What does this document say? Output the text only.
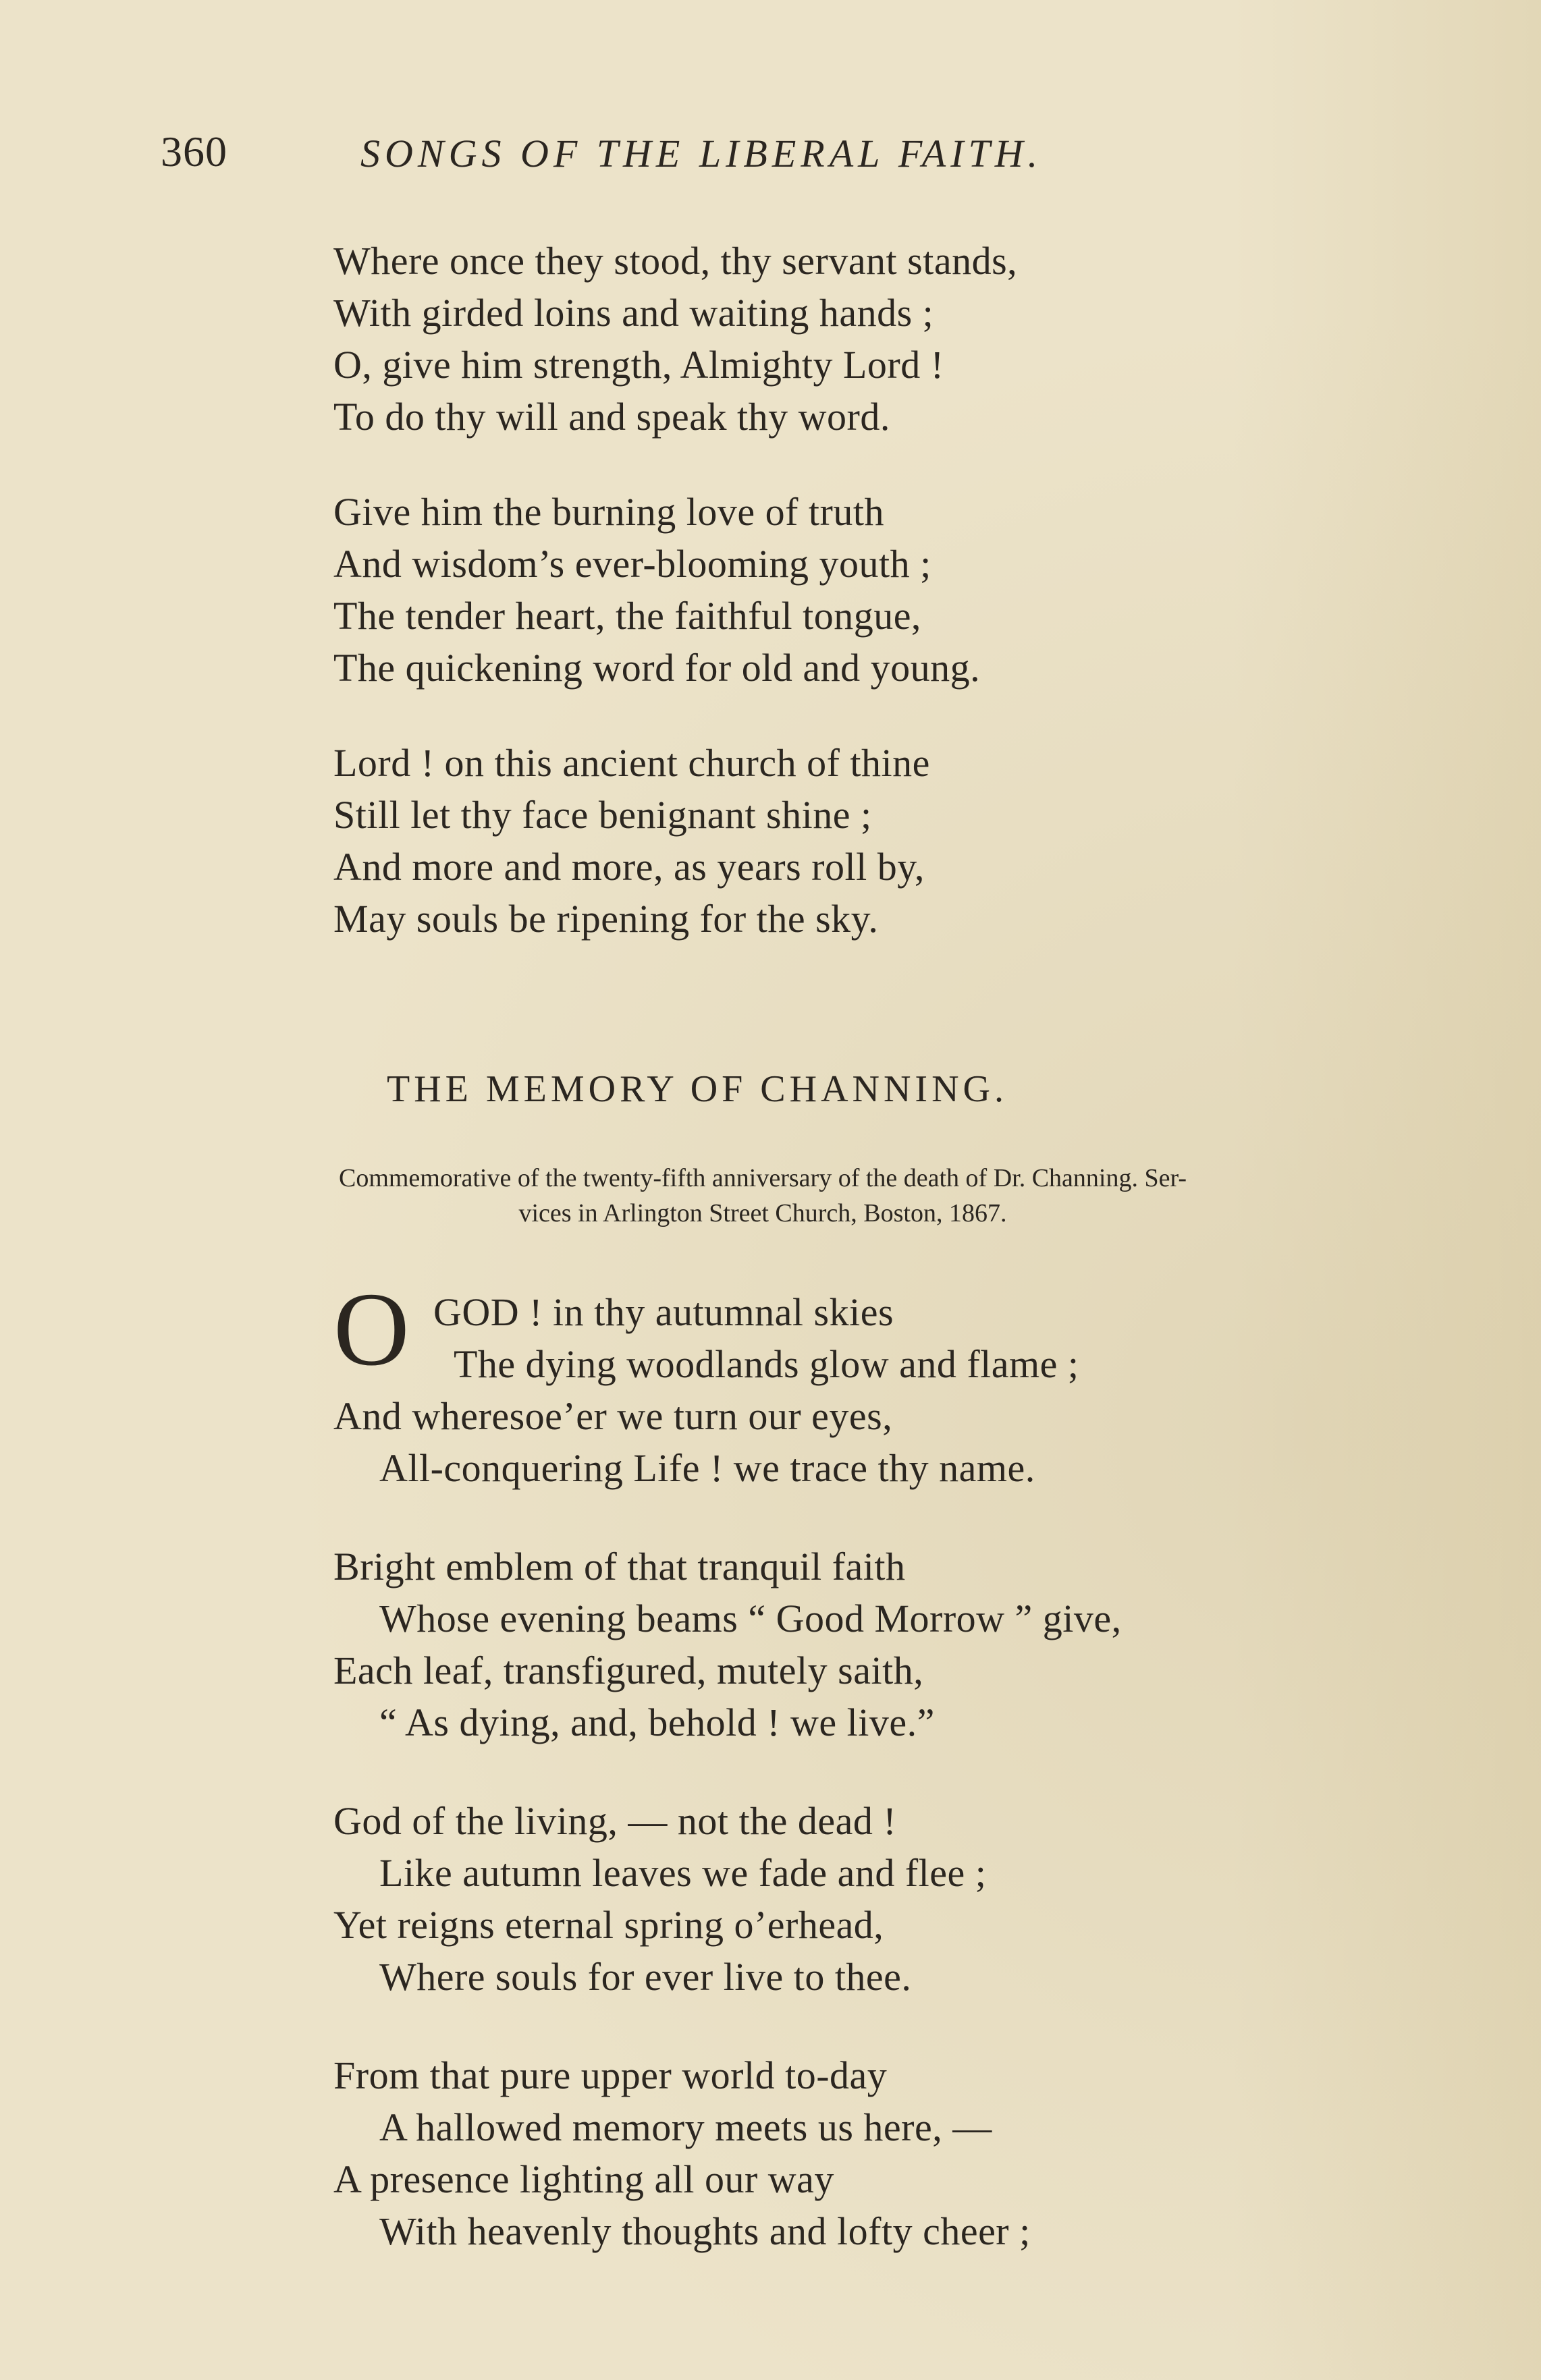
360	SONGS OF THE LIBERAL FAITH.

Where once they stood, thy servant stands,
With girded loins and waiting hands ;
O, give him strength, Almighty Lord !
To do thy will and speak thy word.

Give him the burning love of truth
And wisdom’s ever-blooming youth ;
The tender heart, the faithful tongue,
The quickening word for old and young.

Lord ! on this ancient church of thine
Still let thy face benignant shine ;
And more and more, as years roll by,
May souls be ripening for the sky.

THE MEMORY OF CHANNING.
Commemorative of the twenty-fifth anniversary of the death of Dr. Channing. Ser-
vices in Arlington Street Church, Boston, 1867.

O GOD ! in thy autumnal skies
The dying woodlands glow and flame ;
And wheresoe’er we turn our eyes,
All-conquering Life ! we trace thy name.

Bright emblem of that tranquil faith
Whose evening beams “ Good Morrow ” give,
Each leaf, transfigured, mutely saith,
“ As dying, and, behold ! we live.”

God of the living, — not the dead !
Like autumn leaves we fade and flee ;
Yet reigns eternal spring o’erhead,
Where souls for ever live to thee.

From that pure upper world to-day
A hallowed memory meets us here, —
A presence lighting all our way
With heavenly thoughts and lofty cheer ;
